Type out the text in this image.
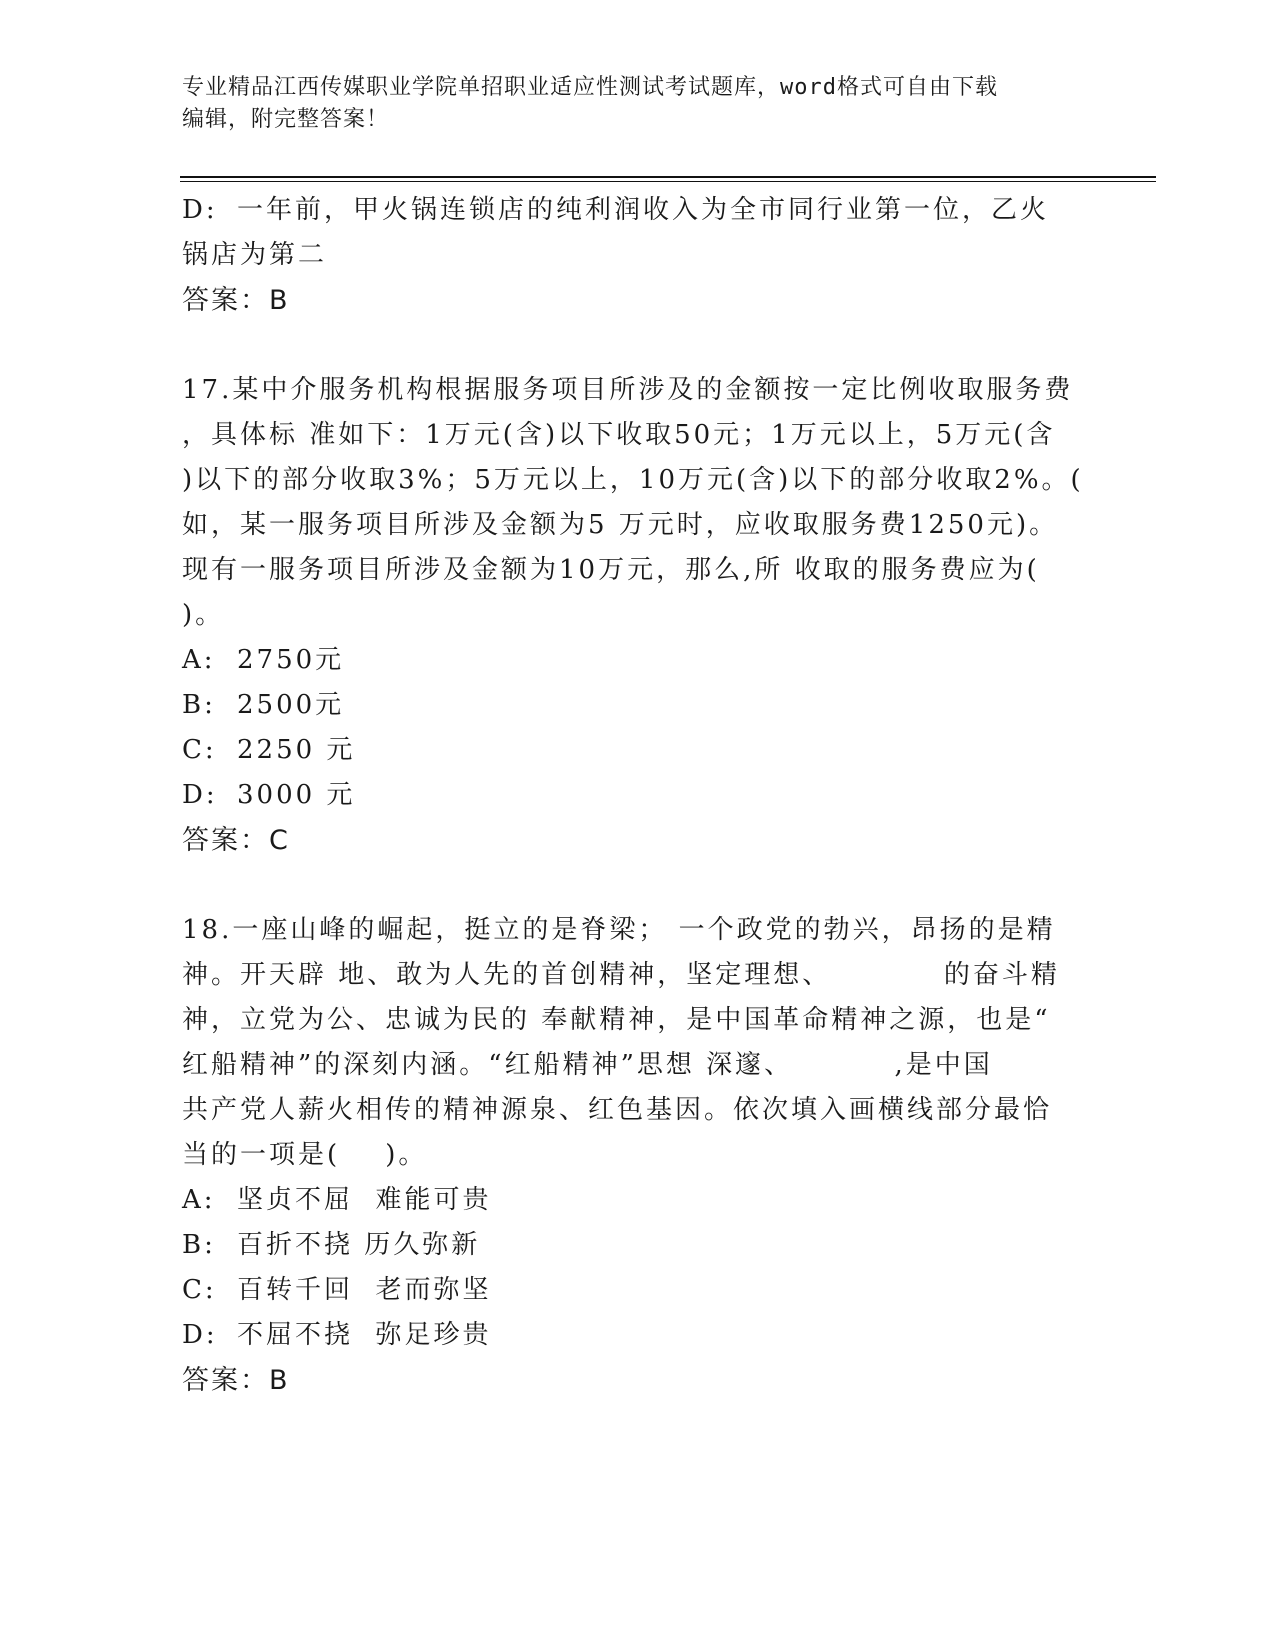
专业精品江西传媒职业学院单招职业适应性测试考试题库，word格式可自由下载
编辑，附完整答案！
D: 一年前，甲火锅连锁店的纯利润收入为全市同行业第一位，乙火
锅店为第二
答案：B
17.某中介服务机构根据服务项目所涉及的金额按一定比例收取服务费
，具体标 准如下：1万元(含)以下收取50元；1万元以上，5万元(含
)以下的部分收取3%；5万元以上，10万元(含)以下的部分收取2%。(
如，某一服务项目所涉及金额为5 万元时，应收取服务费1250元)。
现有一服务项目所涉及金额为10万元，那么,所 收取的服务费应为(
)。
A: 2750元
B: 2500元
C: 2250 元
D: 3000 元
答案：C
18.一座山峰的崛起，挺立的是脊梁； 一个政党的勃兴，昂扬的是精
神。开天辟 地、敢为人先的首创精神，坚定理想、          的奋斗精
神，立党为公、忠诚为民的 奉献精神，是中国革命精神之源，也是“
红船精神”的深刻内涵。“红船精神”思想 深邃、         ,是中国
共产党人薪火相传的精神源泉、红色基因。依次填入画横线部分最恰
当的一项是(    )。
A: 坚贞不屈  难能可贵
B: 百折不挠 历久弥新
C: 百转千回  老而弥坚
D: 不屈不挠  弥足珍贵
答案：B
